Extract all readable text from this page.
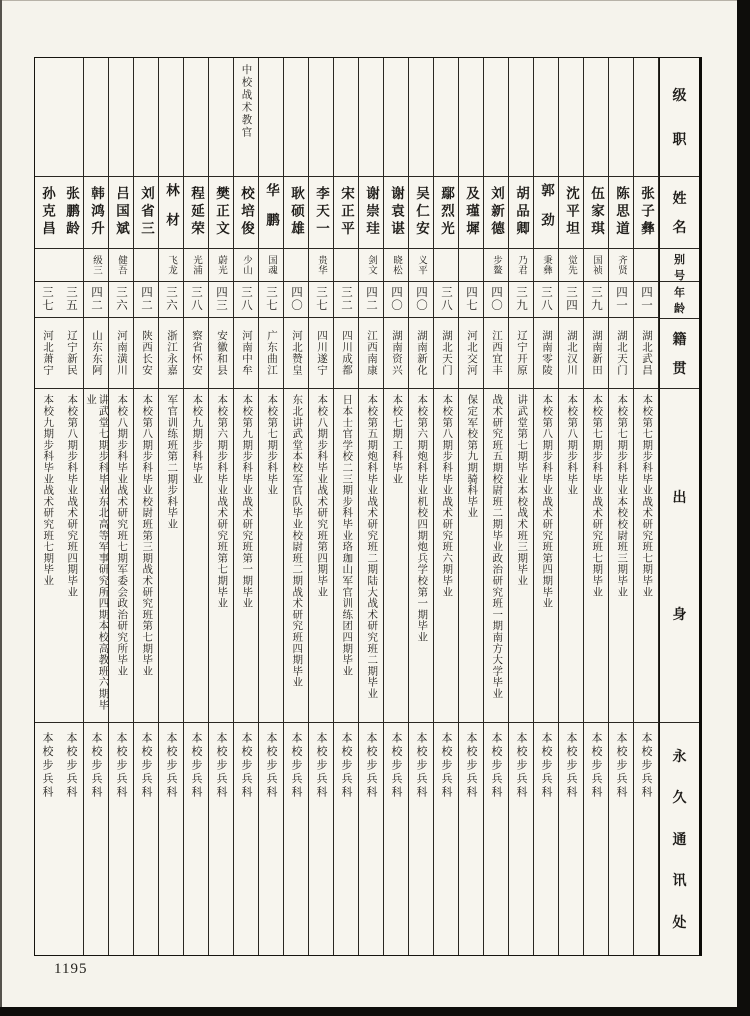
级
职
姓
名
别
号
年
龄
籍
贯
出
身
永
久
通
讯
处
张子彝
四一
湖北武昌
本校第七期步科毕业战术研究班七期毕业
本校步兵科
陈思道
齐贤
四一
湖北天门
本校第七期步科毕业本校校尉班三期毕业
本校步兵科
伍家琪
国祯
三九
湖南新田
本校第七期步科毕业战术研究班七期毕业
本校步兵科
沈平坦
觉先
三四
湖北汉川
本校第八期步科毕业
本校步兵科
郭劲
秉彝
三八
湖南零陵
本校第八期步科毕业战术研究班第四期毕业
本校步兵科
胡品卿
乃君
三九
辽宁开原
讲武堂第七期毕业本校战术班三期毕业
本校步兵科
刘新德
步鳌
四〇
江西宜丰
战术研究班五期校尉班二期毕业政治研究班一期南方大学毕业
本校步兵科
及瑾墀
四七
河北交河
保定军校第九期骑科毕业
本校步兵科
鄢烈光
三八
湖北天门
本校第八期步科毕业战术研究班六期毕业
本校步兵科
吴仁安
义平
四〇
湖南新化
本校第六期炮科毕业机校四期炮兵学校第一期毕业
本校步兵科
谢袁谌
晓松
四〇
湖南资兴
本校七期工科毕业
本校步兵科
谢崇珪
剑文
四二
江西南康
本校第五期炮科毕业战术研究班二期陆大战术研究班二期毕业
本校步兵科
宋正平
三二
四川成都
日本士官学校二三期步科毕业珞珈山军官训练团四期毕业
本校步兵科
李天一
贵华
三七
四川遂宁
本校八期步科毕业战术研究班第四期毕业
本校步兵科
耿硕雄
四〇
河北赞皇
东北讲武堂本校军官队毕业校尉班二期战术研究班四期毕业
本校步兵科
华鹏
国魂
三七
广东曲江
本校第七期步科毕业
本校步兵科
中校战术教官
校培俊
少山
三八
河南中牟
本校第九期步科毕业战术研究班第一期毕业
本校步兵科
樊正文
蔚光
四三
安徽和县
本校第六期步科毕业战术研究班第七期毕业
本校步兵科
程延荣
光浦
三八
察省怀安
本校九期步科毕业
本校步兵科
林材
飞龙
三六
浙江永嘉
军官训练班第二期步科毕业
本校步兵科
刘省三
四二
陕西长安
本校第八期步科毕业校尉班第三期战术研究班第七期毕业
本校步兵科
吕国斌
健吾
三六
河南潢川
本校八期步科毕业战术研究班七期军委会政治研究所毕业
本校步兵科
韩鸿升
级三
四二
山东东阿
讲武堂七期步科毕业东北高等军事研究所四期本校高教班六期毕业
本校步兵科
张鹏龄
三五
辽宁新民
本校第八期步科毕业战术研究班四期毕业
本校步兵科
孙克昌
三七
河北萧宁
本校九期步科毕业战术研究班七期毕业
本校步兵科
1195
